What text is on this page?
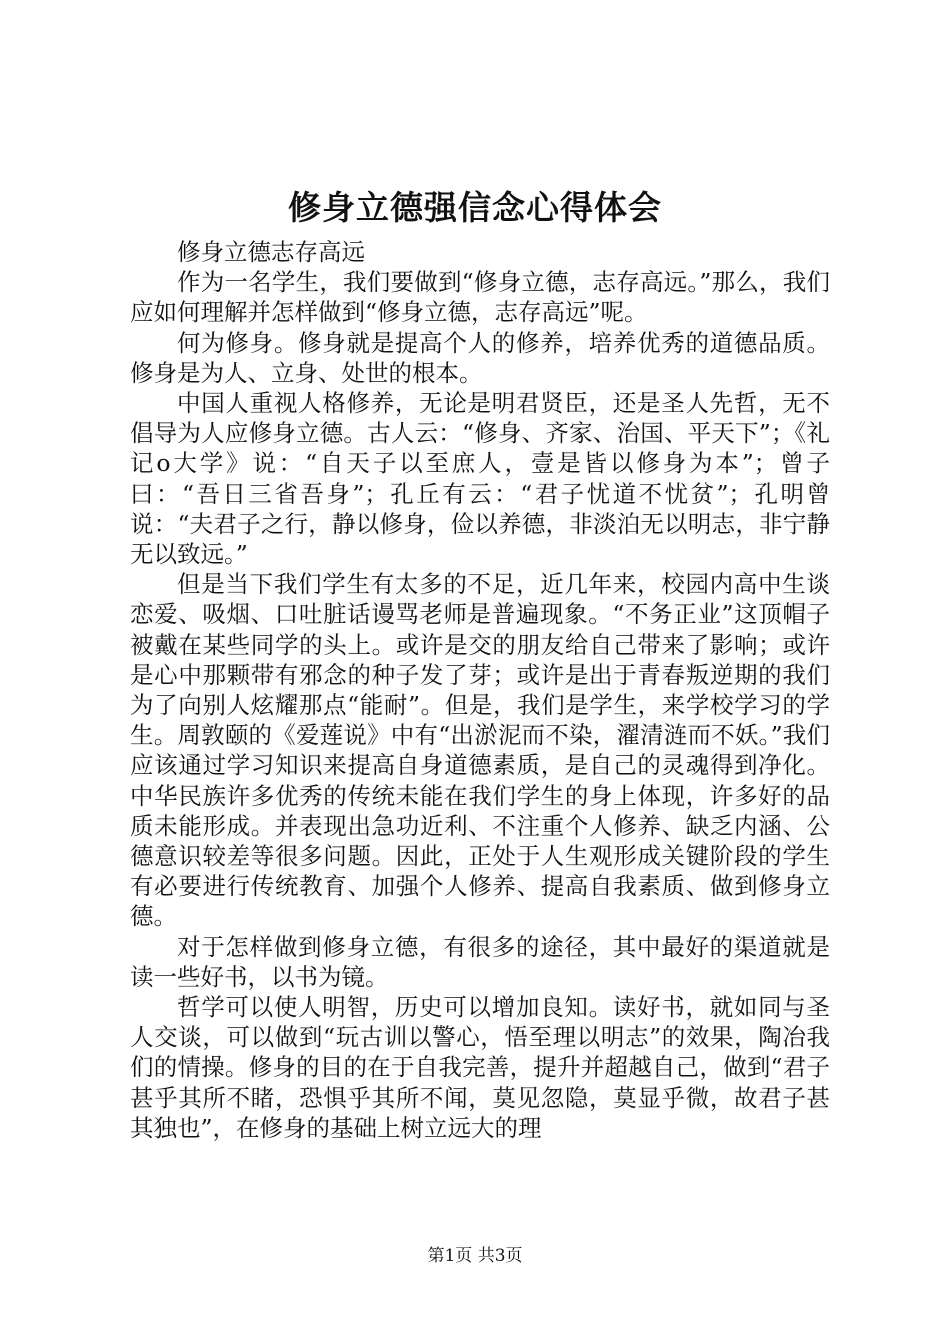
修身立德强信念心得体会

修身立德志存高远

作为一名学生，我们要做到“修身立德，志存高远。”那么，我们应如何理解并怎样做到“修身立德，志存高远”呢。

何为修身。修身就是提高个人的修养，培养优秀的道德品质。修身是为人、立身、处世的根本。

中国人重视人格修养，无论是明君贤臣，还是圣人先哲，无不倡导为人应修身立德。古人云：“修身、齐家、治国、平天下”；《礼记o大学》说：“自天子以至庶人，壹是皆以修身为本”；曾子曰：“吾日三省吾身”；孔丘有云：“君子忧道不忧贫”；孔明曾说：“夫君子之行，静以修身，俭以养德，非淡泊无以明志，非宁静无以致远。”

但是当下我们学生有太多的不足，近几年来，校园内高中生谈恋爱、吸烟、口吐脏话谩骂老师是普遍现象。“不务正业”这顶帽子被戴在某些同学的头上。或许是交的朋友给自己带来了影响；或许是心中那颗带有邪念的种子发了芽；或许是出于青春叛逆期的我们为了向别人炫耀那点“能耐”。但是，我们是学生，来学校学习的学生。周敦颐的《爱莲说》中有“出淤泥而不染，濯清涟而不妖。”我们应该通过学习知识来提高自身道德素质，是自己的灵魂得到净化。中华民族许多优秀的传统未能在我们学生的身上体现，许多好的品质未能形成。并表现出急功近利、不注重个人修养、缺乏内涵、公德意识较差等很多问题。因此，正处于人生观形成关键阶段的学生有必要进行传统教育、加强个人修养、提高自我素质、做到修身立德。

对于怎样做到修身立德，有很多的途径，其中最好的渠道就是读一些好书，以书为镜。

哲学可以使人明智，历史可以增加良知。读好书，就如同与圣人交谈，可以做到“玩古训以警心，悟至理以明志”的效果，陶冶我们的情操。修身的目的在于自我完善，提升并超越自己，做到“君子甚乎其所不睹，恐惧乎其所不闻，莫见忽隐，莫显乎微，故君子甚其独也”，在修身的基础上树立远大的理

第1页 共3页
